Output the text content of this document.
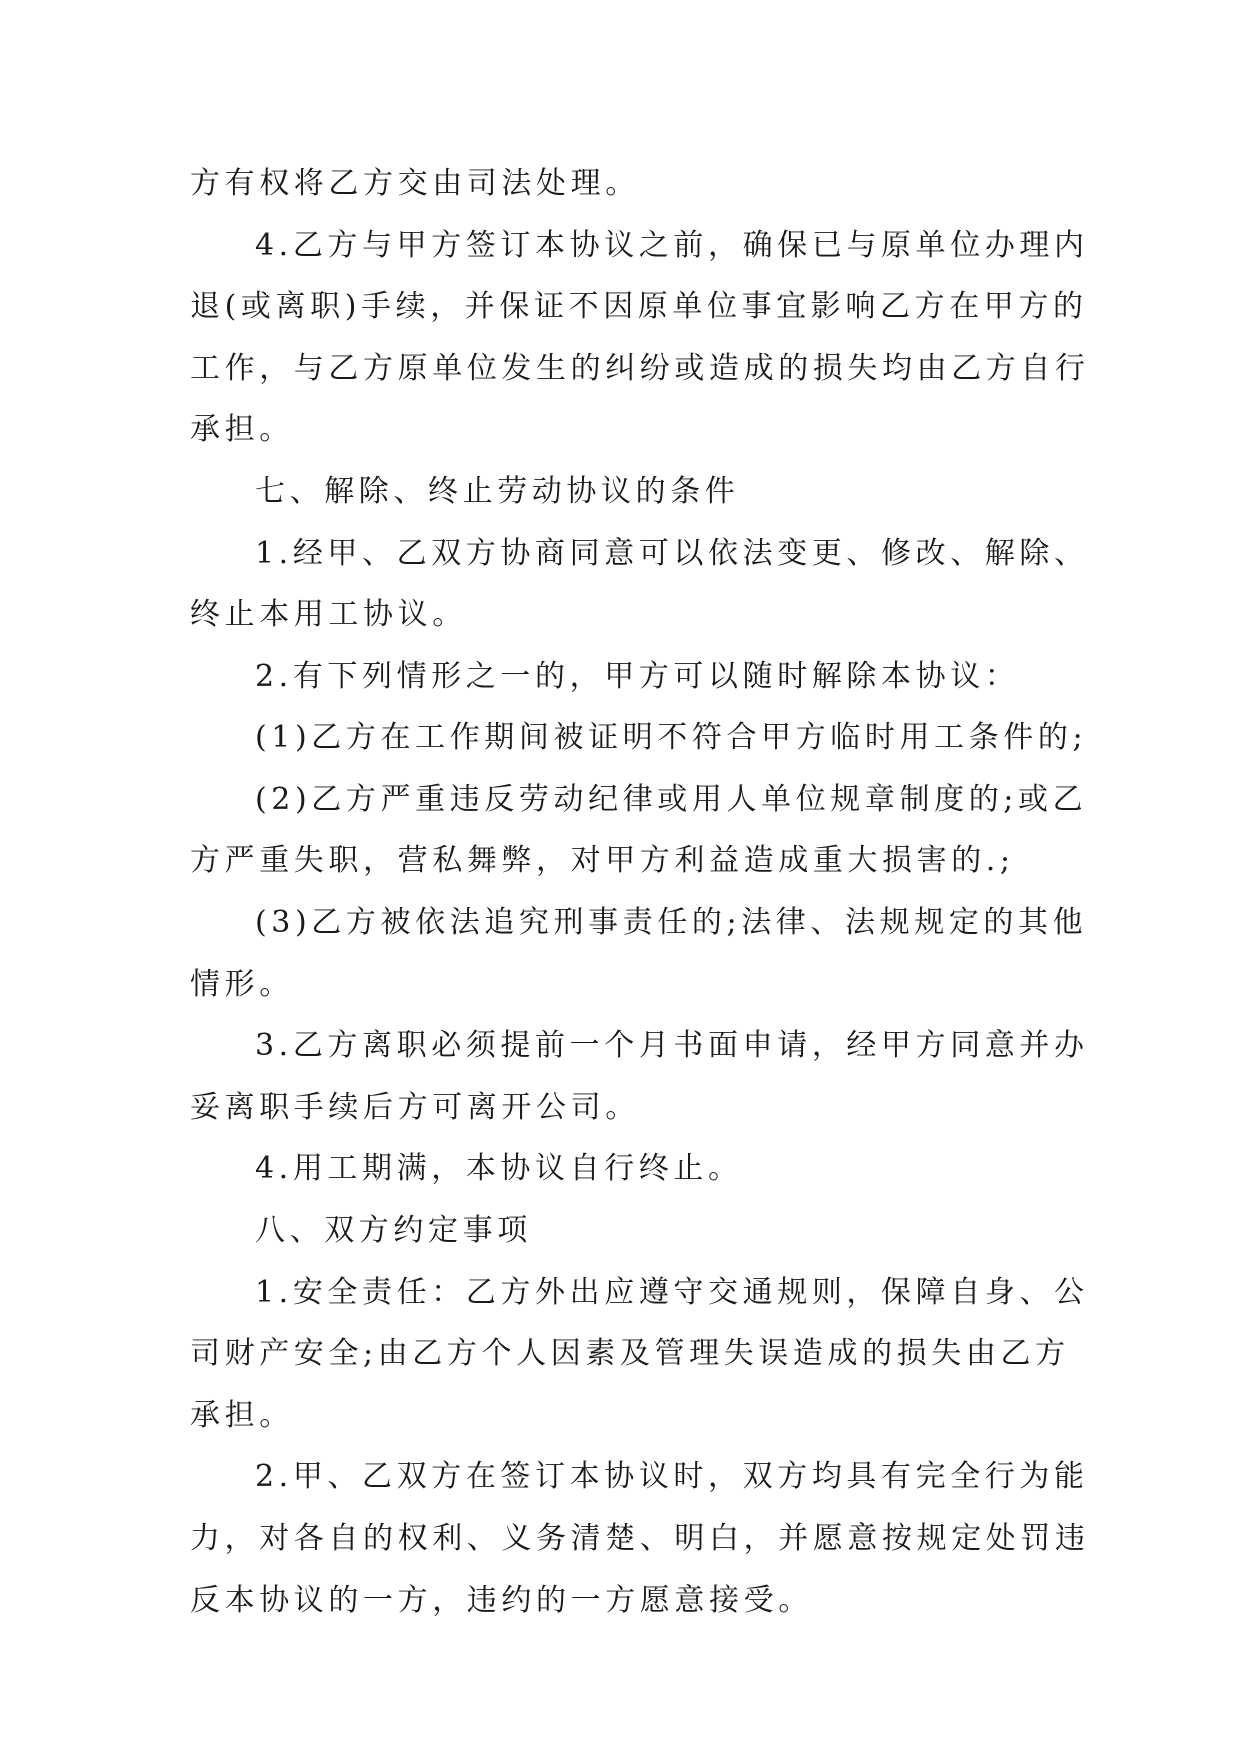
方有权将乙方交由司法处理。
4.乙方与甲方签订本协议之前，确保已与原单位办理内
退(或离职)手续，并保证不因原单位事宜影响乙方在甲方的
工作，与乙方原单位发生的纠纷或造成的损失均由乙方自行
承担。
七、解除、终止劳动协议的条件
1.经甲、乙双方协商同意可以依法变更、修改、解除、
终止本用工协议。
2.有下列情形之一的，甲方可以随时解除本协议：
(1)乙方在工作期间被证明不符合甲方临时用工条件的;
(2)乙方严重违反劳动纪律或用人单位规章制度的;或乙
方严重失职，营私舞弊，对甲方利益造成重大损害的.;
(3)乙方被依法追究刑事责任的;法律、法规规定的其他
情形。
3.乙方离职必须提前一个月书面申请，经甲方同意并办
妥离职手续后方可离开公司。
4.用工期满，本协议自行终止。
八、双方约定事项
1.安全责任：乙方外出应遵守交通规则，保障自身、公
司财产安全;由乙方个人因素及管理失误造成的损失由乙方
承担。
2.甲、乙双方在签订本协议时，双方均具有完全行为能
力，对各自的权利、义务清楚、明白，并愿意按规定处罚违
反本协议的一方，违约的一方愿意接受。
